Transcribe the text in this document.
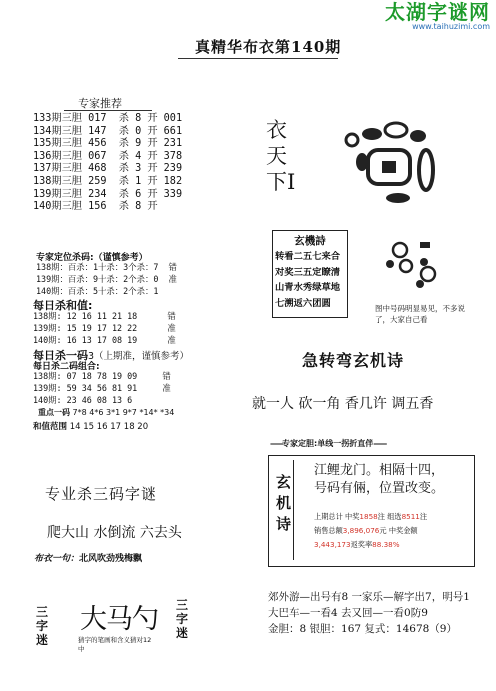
太湖字谜网
www.taihuzimi.com
真精华布衣第140期
专家推荐
133期三胆 017  杀 8 开 001
134期三胆 147  杀 0 开 661
135期三胆 456  杀 9 开 231
136期三胆 067  杀 4 开 378
137期三胆 468  杀 3 开 239
138期三胆 259  杀 1 开 182
139期三胆 234  杀 6 开 339
140期三胆 156  杀 8 开
专家定位杀码:（谨慎参考）
138期：百杀：1十杀：3个杀：7  错
139期：百杀：9十杀：2个杀：0  准
140期：百杀：5十杀：2个杀：1
每日杀和值:
138期: 12 16 11 21 18      错
139期: 15 19 17 12 22      准
140期: 16 13 17 08 19      准
每日杀一码3（上期准，谨慎参考）
每日杀二码组合:
138期: 07 18 78 19 09     错
139期: 59 34 56 81 91     准
140期: 23 46 08 13 6
重点一码 7*8 4*6 3*1 9*7 *14* *34
和值范围 14 15 16 17 18 20
专业杀三码字谜
爬大山 水倒流 六去头
布衣一句：北风吹劲残梅飘
三字迷
大马勺
猜字的笔画和含义猜对12中
三字迷
衣天下I
玄機詩
转看二五七来合
对奖三五定瞭清
山青水秀绿草地
七溯返六团圆	图中号码明显易见，不多说了，大家自己看
急转弯玄机诗
就一人 砍一角 香几许 调五香
——专家定胆:单线一拐折直伴——
玄机诗
江鲤龙门。相隔十四，
号码有倆，位置改变。
上期总计 中奖1858注 组选8511注
销售总额3,896,076元 中奖金额
3,443,173返奖率88.38%
郊外游—出号有8 一家乐—解字出7，明号1
大巴车—一看4 去又回—一看0防9
金胆：8 银胆：167 复式：14678（9）
